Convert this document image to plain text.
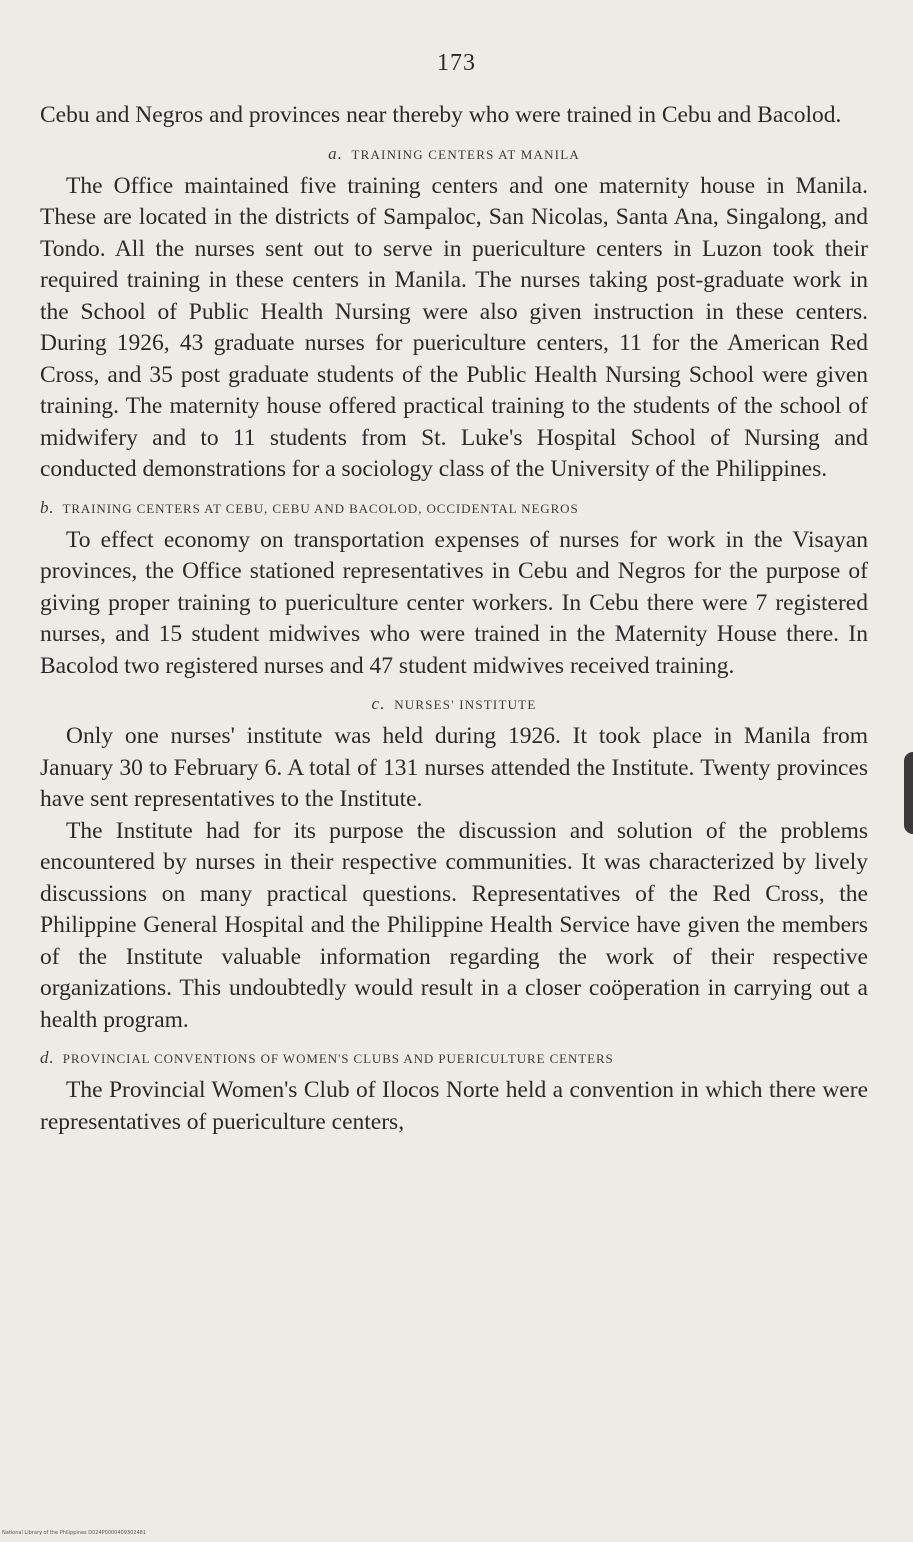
173

Cebu and Negros and provinces near thereby who were trained in Cebu and Bacolod.

a. TRAINING CENTERS AT MANILA

The Office maintained five training centers and one maternity house in Manila. These are located in the districts of Sampaloc, San Nicolas, Santa Ana, Singalong, and Tondo. All the nurses sent out to serve in puericulture centers in Luzon took their required training in these centers in Manila. The nurses taking post-graduate work in the School of Public Health Nursing were also given instruction in these centers. During 1926, 43 graduate nurses for puericulture centers, 11 for the American Red Cross, and 35 post graduate students of the Public Health Nursing School were given training. The maternity house offered practical training to the students of the school of midwifery and to 11 students from St. Luke's Hospital School of Nursing and conducted demonstrations for a sociology class of the University of the Philippines.

b. TRAINING CENTERS AT CEBU, CEBU AND BACOLOD, OCCIDENTAL NEGROS

To effect economy on transportation expenses of nurses for work in the Visayan provinces, the Office stationed representatives in Cebu and Negros for the purpose of giving proper training to puericulture center workers. In Cebu there were 7 registered nurses, and 15 student midwives who were trained in the Maternity House there. In Bacolod two registered nurses and 47 student midwives received training.

c. NURSES' INSTITUTE

Only one nurses' institute was held during 1926. It took place in Manila from January 30 to February 6. A total of 131 nurses attended the Institute. Twenty provinces have sent representatives to the Institute.

The Institute had for its purpose the discussion and solution of the problems encountered by nurses in their respective communities. It was characterized by lively discussions on many practical questions. Representatives of the Red Cross, the Philippine General Hospital and the Philippine Health Service have given the members of the Institute valuable information regarding the work of their respective organizations. This undoubtedly would result in a closer coöperation in carrying out a health program.

d. PROVINCIAL CONVENTIONS OF WOMEN'S CLUBS AND PUERICULTURE CENTERS

The Provincial Women's Club of Ilocos Norte held a convention in which there were representatives of puericulture centers,

National Library of the Philippines D024P0000409302481
